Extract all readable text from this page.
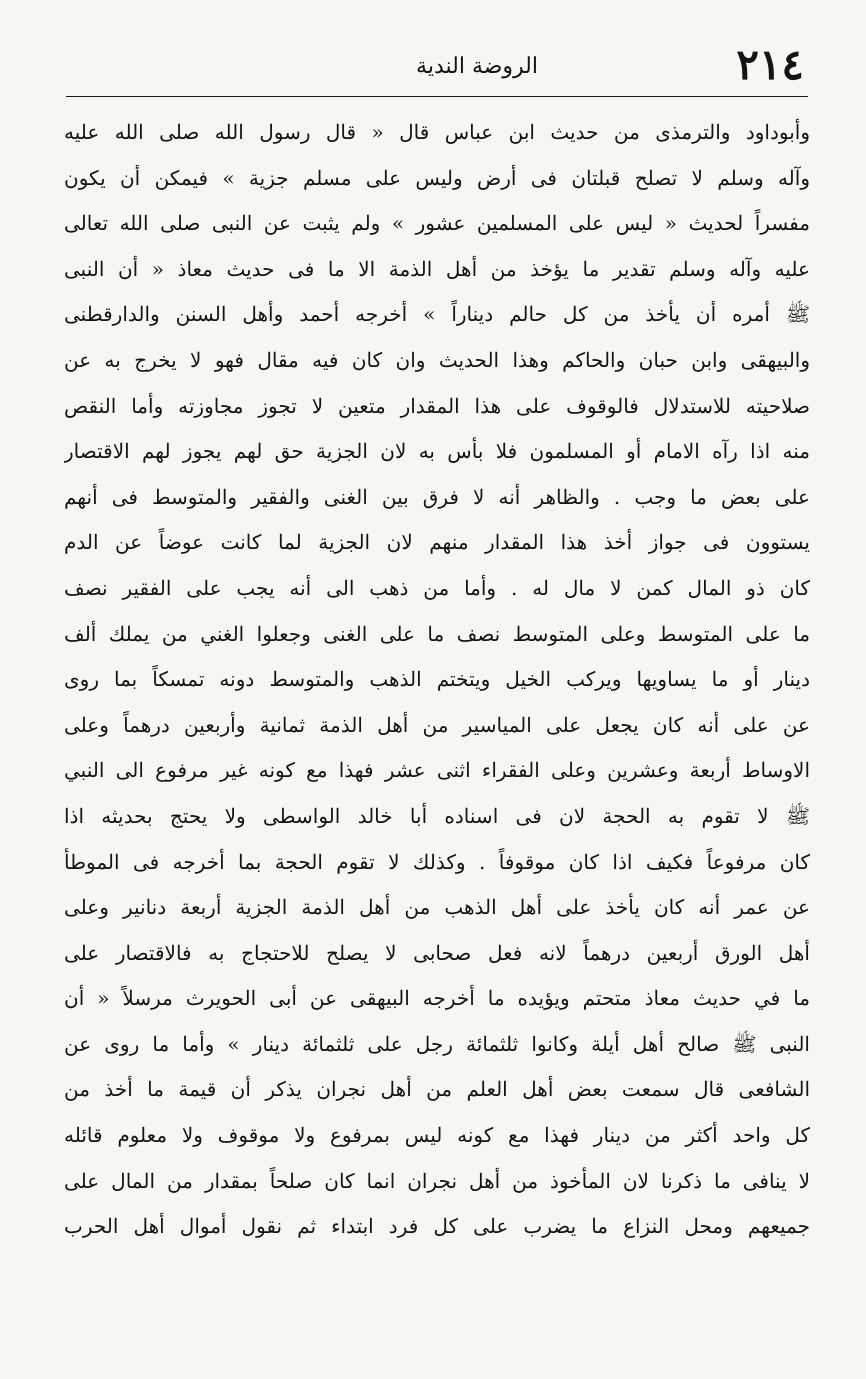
٢١٤
الروضة الندية
وأبوداود والترمذى من حديث ابن عباس قال « قال رسول الله صلى الله عليه
وآله وسلم لا تصلح قبلتان فى أرض وليس على مسلم جزية » فيمكن أن يكون
مفسراً لحديث « ليس على المسلمين عشور » ولم يثبت عن النبى صلى الله تعالى
عليه وآله وسلم تقدير ما يؤخذ من أهل الذمة الا ما فى حديث معاذ « أن النبى
ﷺ أمره أن يأخذ من كل حالم ديناراً » أخرجه أحمد وأهل السنن والدارقطنى
والبيهقى وابن حبان والحاكم وهذا الحديث وان كان فيه مقال فهو لا يخرج به عن
صلاحيته للاستدلال فالوقوف على هذا المقدار متعين لا تجوز مجاوزته وأما النقص
منه اذا رآه الامام أو المسلمون فلا بأس به لان الجزية حق لهم يجوز لهم الاقتصار
على بعض ما وجب . والظاهر أنه لا فرق بين الغنى والفقير والمتوسط فى أنهم
يستوون فى جواز أخذ هذا المقدار منهم لان الجزية لما كانت عوضاً عن الدم
كان ذو المال كمن لا مال له . وأما من ذهب الى أنه يجب على الفقير نصف
ما على المتوسط وعلى المتوسط نصف ما على الغنى وجعلوا الغني من يملك ألف
دينار أو ما يساويها ويركب الخيل ويتختم الذهب والمتوسط دونه تمسكاً بما روى
عن على أنه كان يجعل على المياسير من أهل الذمة ثمانية وأربعين درهماً وعلى
الاوساط أربعة وعشرين وعلى الفقراء اثنى عشر فهذا مع كونه غير مرفوع الى النبي
ﷺ لا تقوم به الحجة لان فى اسناده أبا خالد الواسطى ولا يحتج بحديثه اذا
كان مرفوعاً فكيف اذا كان موقوفاً . وكذلك لا تقوم الحجة بما أخرجه فى الموطأ
عن عمر أنه كان يأخذ على أهل الذهب من أهل الذمة الجزية أربعة دنانير وعلى
أهل الورق أربعين درهماً لانه فعل صحابى لا يصلح للاحتجاج به فالاقتصار على
ما في حديث معاذ متحتم ويؤيده ما أخرجه البيهقى عن أبى الحويرث مرسلاً « أن
النبى ﷺ صالح أهل أيلة وكانوا ثلثمائة رجل على ثلثمائة دينار » وأما ما روى عن
الشافعى قال سمعت بعض أهل العلم من أهل نجران يذكر أن قيمة ما أخذ من
كل واحد أكثر من دينار فهذا مع كونه ليس بمرفوع ولا موقوف ولا معلوم قائله
لا ينافى ما ذكرنا لان المأخوذ من أهل نجران انما كان صلحاً بمقدار من المال على
جميعهم ومحل النزاع ما يضرب على كل فرد ابتداء ثم نقول أموال أهل الحرب
